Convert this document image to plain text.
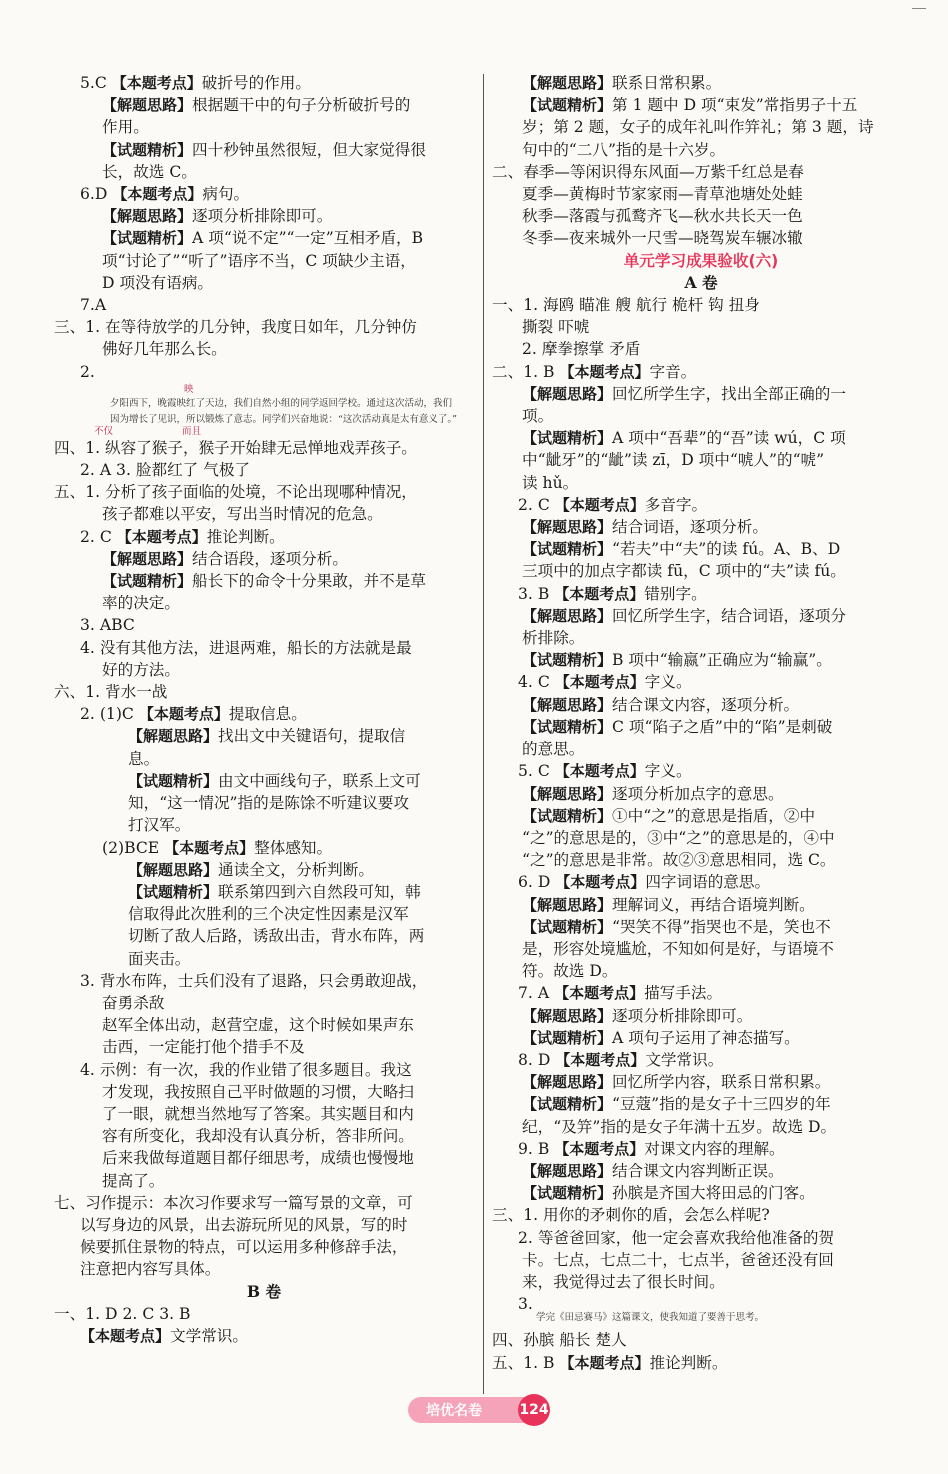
5.C 【本题考点】破折号的作用。
【解题思路】根据题干中的句子分析破折号的
作用。
【试题精析】四十秒钟虽然很短，但大家觉得很
长，故选 C。
6.D 【本题考点】病句。
【解题思路】逐项分析排除即可。
【试题精析】A 项“说不定”“一定”互相矛盾，B
项“讨论了”“听了”语序不当，C 项缺少主语，
D 项没有语病。
7.A
三、1. 在等待放学的几分钟，我度日如年，几分钟仿
佛好几年那么长。
2.
映
夕阳西下，晚霞映红了天边，我们自然小组的同学返回学校。通过这次活动，我们
因为增长了见识，所以锻炼了意志。同学们兴奋地说：“这次活动真是太有意义了。”
不仅	而且
四、1. 纵容了猴子，猴子开始肆无忌惮地戏弄孩子。
2. A 3. 脸都红了 气极了
五、1. 分析了孩子面临的处境，不论出现哪种情况，
孩子都难以平安，写出当时情况的危急。
2. C 【本题考点】推论判断。
【解题思路】结合语段，逐项分析。
【试题精析】船长下的命令十分果敢，并不是草
率的决定。
3. ABC
4. 没有其他方法，进退两难，船长的方法就是最
好的方法。
六、1. 背水一战
2. (1)C 【本题考点】提取信息。
【解题思路】找出文中关键语句，提取信
息。
【试题精析】由文中画线句子，联系上文可
知，“这一情况”指的是陈馀不听建议要攻
打汉军。
(2)BCE 【本题考点】整体感知。
【解题思路】通读全文，分析判断。
【试题精析】联系第四到六自然段可知，韩
信取得此次胜利的三个决定性因素是汉军
切断了敌人后路，诱敌出击，背水布阵，两
面夹击。
3. 背水布阵，士兵们没有了退路，只会勇敢迎战，
奋勇杀敌
赵军全体出动，赵营空虚，这个时候如果声东
击西，一定能打他个措手不及
4. 示例：有一次，我的作业错了很多题目。我这
才发现，我按照自己平时做题的习惯，大略扫
了一眼，就想当然地写了答案。其实题目和内
容有所变化，我却没有认真分析，答非所问。
后来我做每道题目都仔细思考，成绩也慢慢地
提高了。
七、习作提示：本次习作要求写一篇写景的文章，可
以写身边的风景，出去游玩所见的风景，写的时
候要抓住景物的特点，可以运用多种修辞手法，
注意把内容写具体。
B 卷
一、1. D 2. C 3. B
【本题考点】文学常识。
【解题思路】联系日常积累。
【试题精析】第 1 题中 D 项“束发”常指男子十五
岁；第 2 题，女子的成年礼叫作笄礼；第 3 题，诗
句中的“二八”指的是十六岁。
二、春季—等闲识得东风面—万紫千红总是春
夏季—黄梅时节家家雨—青草池塘处处蛙
秋季—落霞与孤鹜齐飞—秋水共长天一色
冬季—夜来城外一尺雪—晓驾炭车辗冰辙
单元学习成果验收(六)
A 卷
一、1. 海鸥 瞄准 艘 航行 桅杆 钩 扭身
撕裂 吓唬
2. 摩拳擦掌 矛盾
二、1. B 【本题考点】字音。
【解题思路】回忆所学生字，找出全部正确的一
项。
【试题精析】A 项中“吾辈”的“吾”读 wú，C 项
中“龇牙”的“龇”读 zī，D 项中“唬人”的“唬”
读 hǔ。
2. C 【本题考点】多音字。
【解题思路】结合词语，逐项分析。
【试题精析】“若夫”中“夫”的读 fú。A、B、D
三项中的加点字都读 fū，C 项中的“夫”读 fú。
3. B 【本题考点】错别字。
【解题思路】回忆所学生字，结合词语，逐项分
析排除。
【试题精析】B 项中“输嬴”正确应为“输赢”。
4. C 【本题考点】字义。
【解题思路】结合课文内容，逐项分析。
【试题精析】C 项“陷子之盾”中的“陷”是刺破
的意思。
5. C 【本题考点】字义。
【解题思路】逐项分析加点字的意思。
【试题精析】①中“之”的意思是指盾，②中
“之”的意思是的，③中“之”的意思是的，④中
“之”的意思是非常。故②③意思相同，选 C。
6. D 【本题考点】四字词语的意思。
【解题思路】理解词义，再结合语境判断。
【试题精析】“哭笑不得”指哭也不是，笑也不
是，形容处境尴尬，不知如何是好，与语境不
符。故选 D。
7. A 【本题考点】描写手法。
【解题思路】逐项分析排除即可。
【试题精析】A 项句子运用了神态描写。
8. D 【本题考点】文学常识。
【解题思路】回忆所学内容，联系日常积累。
【试题精析】“豆蔻”指的是女子十三四岁的年
纪，“及笄”指的是女子年满十五岁。故选 D。
9. B 【本题考点】对课文内容的理解。
【解题思路】结合课文内容判断正误。
【试题精析】孙膑是齐国大将田忌的门客。
三、1. 用你的矛刺你的盾，会怎么样呢?
2. 等爸爸回家，他一定会喜欢我给他准备的贺
卡。七点，七点二十，七点半，爸爸还没有回
来，我觉得过去了很长时间。
3.
学完《田忌赛马》这篇课文，使我知道了要善于思考。
四、孙膑 船长 楚人
五、1. B 【本题考点】推论判断。
培优名卷	124
